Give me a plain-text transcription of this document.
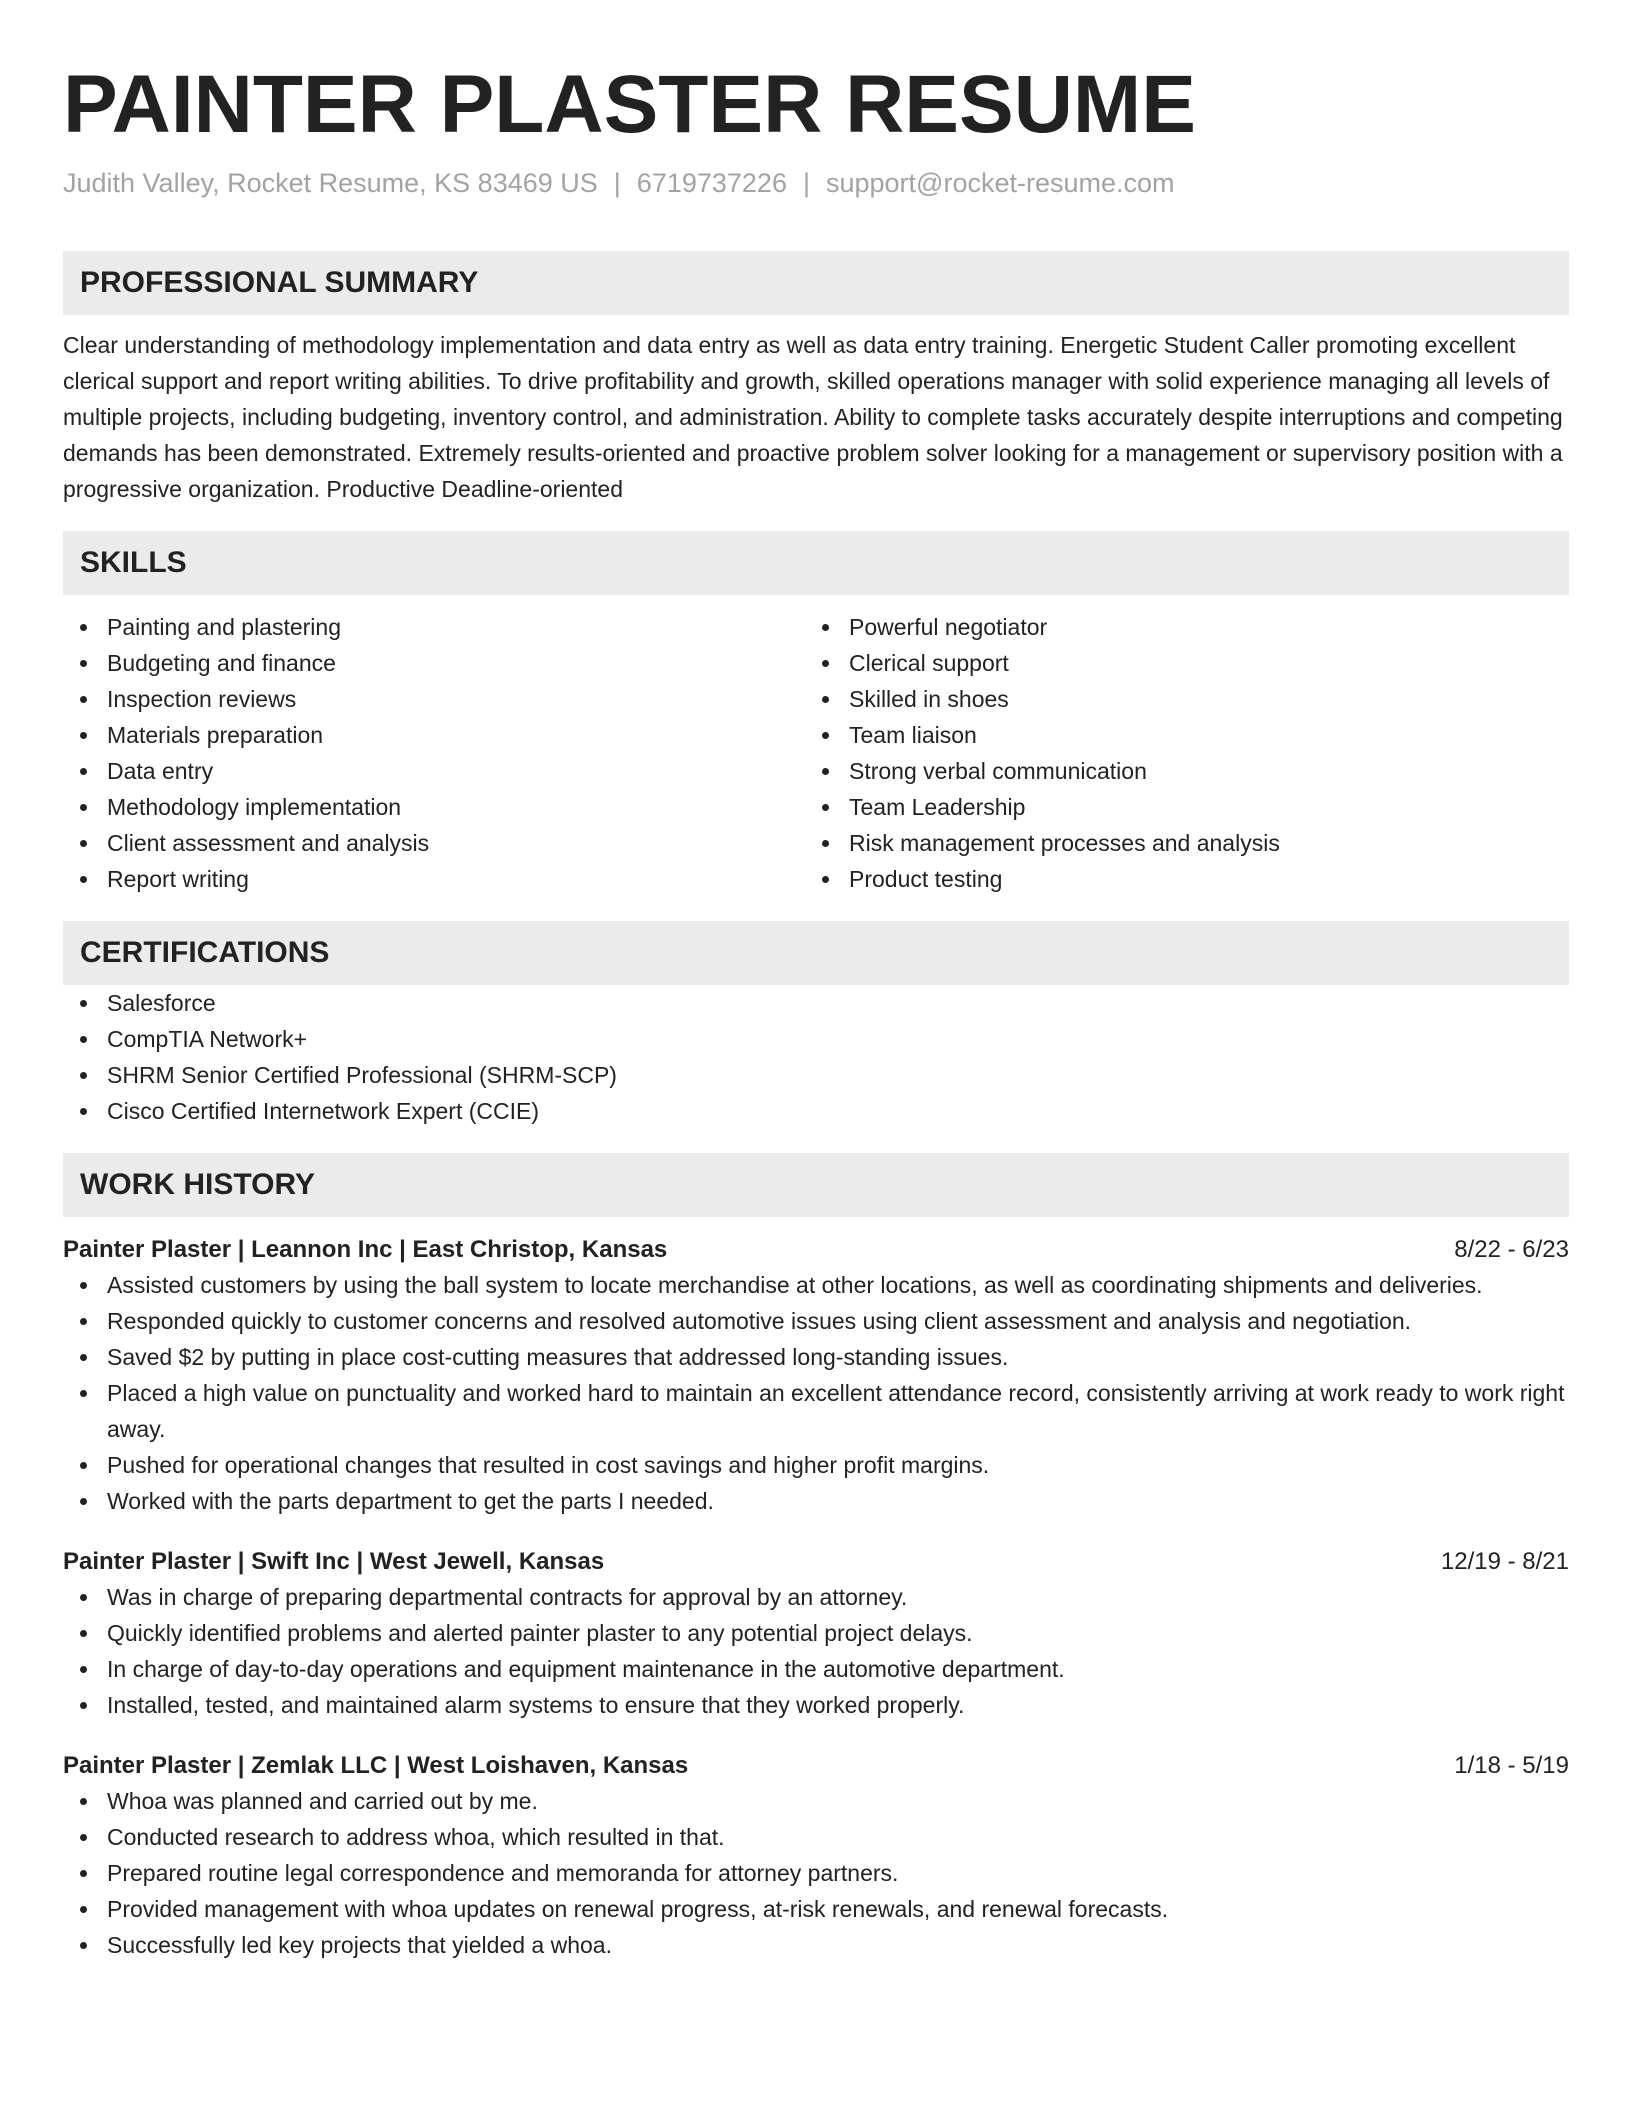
PAINTER PLASTER RESUME
Judith Valley, Rocket Resume, KS 83469 US | 6719737226 | support@rocket-resume.com
PROFESSIONAL SUMMARY
Clear understanding of methodology implementation and data entry as well as data entry training. Energetic Student Caller promoting excellent clerical support and report writing abilities. To drive profitability and growth, skilled operations manager with solid experience managing all levels of multiple projects, including budgeting, inventory control, and administration. Ability to complete tasks accurately despite interruptions and competing demands has been demonstrated. Extremely results-oriented and proactive problem solver looking for a management or supervisory position with a progressive organization. Productive Deadline-oriented
SKILLS
Painting and plastering
Budgeting and finance
Inspection reviews
Materials preparation
Data entry
Methodology implementation
Client assessment and analysis
Report writing
Powerful negotiator
Clerical support
Skilled in shoes
Team liaison
Strong verbal communication
Team Leadership
Risk management processes and analysis
Product testing
CERTIFICATIONS
Salesforce
CompTIA Network+
SHRM Senior Certified Professional (SHRM-SCP)
Cisco Certified Internetwork Expert (CCIE)
WORK HISTORY
Painter Plaster | Leannon Inc | East Christop, Kansas	8/22 - 6/23
Assisted customers by using the ball system to locate merchandise at other locations, as well as coordinating shipments and deliveries.
Responded quickly to customer concerns and resolved automotive issues using client assessment and analysis and negotiation.
Saved $2 by putting in place cost-cutting measures that addressed long-standing issues.
Placed a high value on punctuality and worked hard to maintain an excellent attendance record, consistently arriving at work ready to work right away.
Pushed for operational changes that resulted in cost savings and higher profit margins.
Worked with the parts department to get the parts I needed.
Painter Plaster | Swift Inc | West Jewell, Kansas	12/19 - 8/21
Was in charge of preparing departmental contracts for approval by an attorney.
Quickly identified problems and alerted painter plaster to any potential project delays.
In charge of day-to-day operations and equipment maintenance in the automotive department.
Installed, tested, and maintained alarm systems to ensure that they worked properly.
Painter Plaster | Zemlak LLC | West Loishaven, Kansas	1/18 - 5/19
Whoa was planned and carried out by me.
Conducted research to address whoa, which resulted in that.
Prepared routine legal correspondence and memoranda for attorney partners.
Provided management with whoa updates on renewal progress, at-risk renewals, and renewal forecasts.
Successfully led key projects that yielded a whoa.
